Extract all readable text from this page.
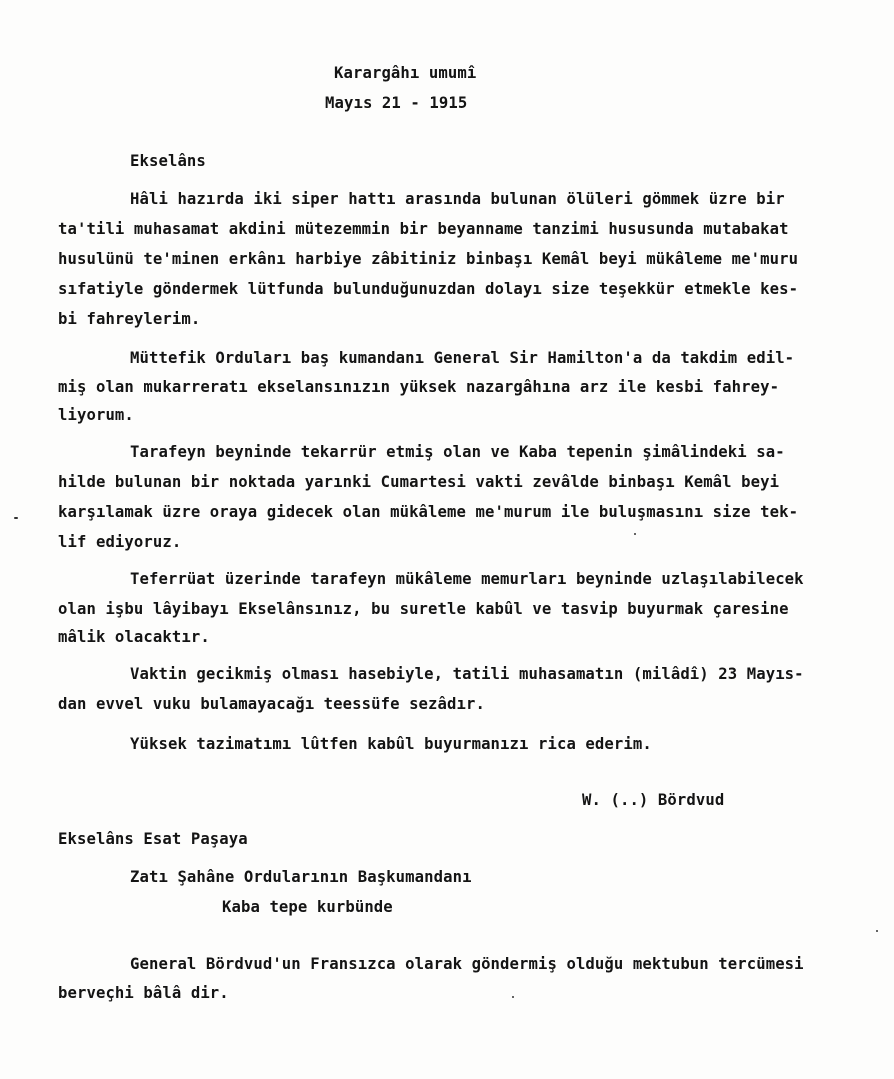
Karargâhı umumî
Mayıs 21 - 1915
Ekselâns
Hâli hazırda iki siper hattı arasında bulunan ölüleri gömmek üzre bir
ta'tili muhasamat akdini mütezemmin bir beyanname tanzimi hususunda mutabakat
husulünü te'minen erkânı harbiye zâbitiniz binbaşı Kemâl beyi mükâleme me'muru
sıfatiyle göndermek lütfunda bulunduğunuzdan dolayı size teşekkür etmekle kes-
bi fahreylerim.
Müttefik Orduları baş kumandanı General Sir Hamilton'a da takdim edil-
miş olan mukarreratı ekselansınızın yüksek nazargâhına arz ile kesbi fahrey-
liyorum.
Tarafeyn beyninde tekarrür etmiş olan ve Kaba tepenin şimâlindeki sa-
hilde bulunan bir noktada yarınki Cumartesi vakti zevâlde binbaşı Kemâl beyi
karşılamak üzre oraya gidecek olan mükâleme me'murum ile buluşmasını size tek-
lif ediyoruz.
Teferrüat üzerinde tarafeyn mükâleme memurları beyninde uzlaşılabilecek
olan işbu lâyibayı Ekselânsınız, bu suretle kabûl ve tasvip buyurmak çaresine
mâlik olacaktır.
Vaktin gecikmiş olması hasebiyle, tatili muhasamatın (milâdî) 23 Mayıs-
dan evvel vuku bulamayacağı teessüfe sezâdır.
Yüksek tazimatımı lûtfen kabûl buyurmanızı rica ederim.
W. (..) Bördvud
Ekselâns Esat Paşaya
Zatı Şahâne Ordularının Başkumandanı
Kaba tepe kurbünde
General Bördvud'un Fransızca olarak göndermiş olduğu mektubun tercümesi
berveçhi bâlâ dir.
